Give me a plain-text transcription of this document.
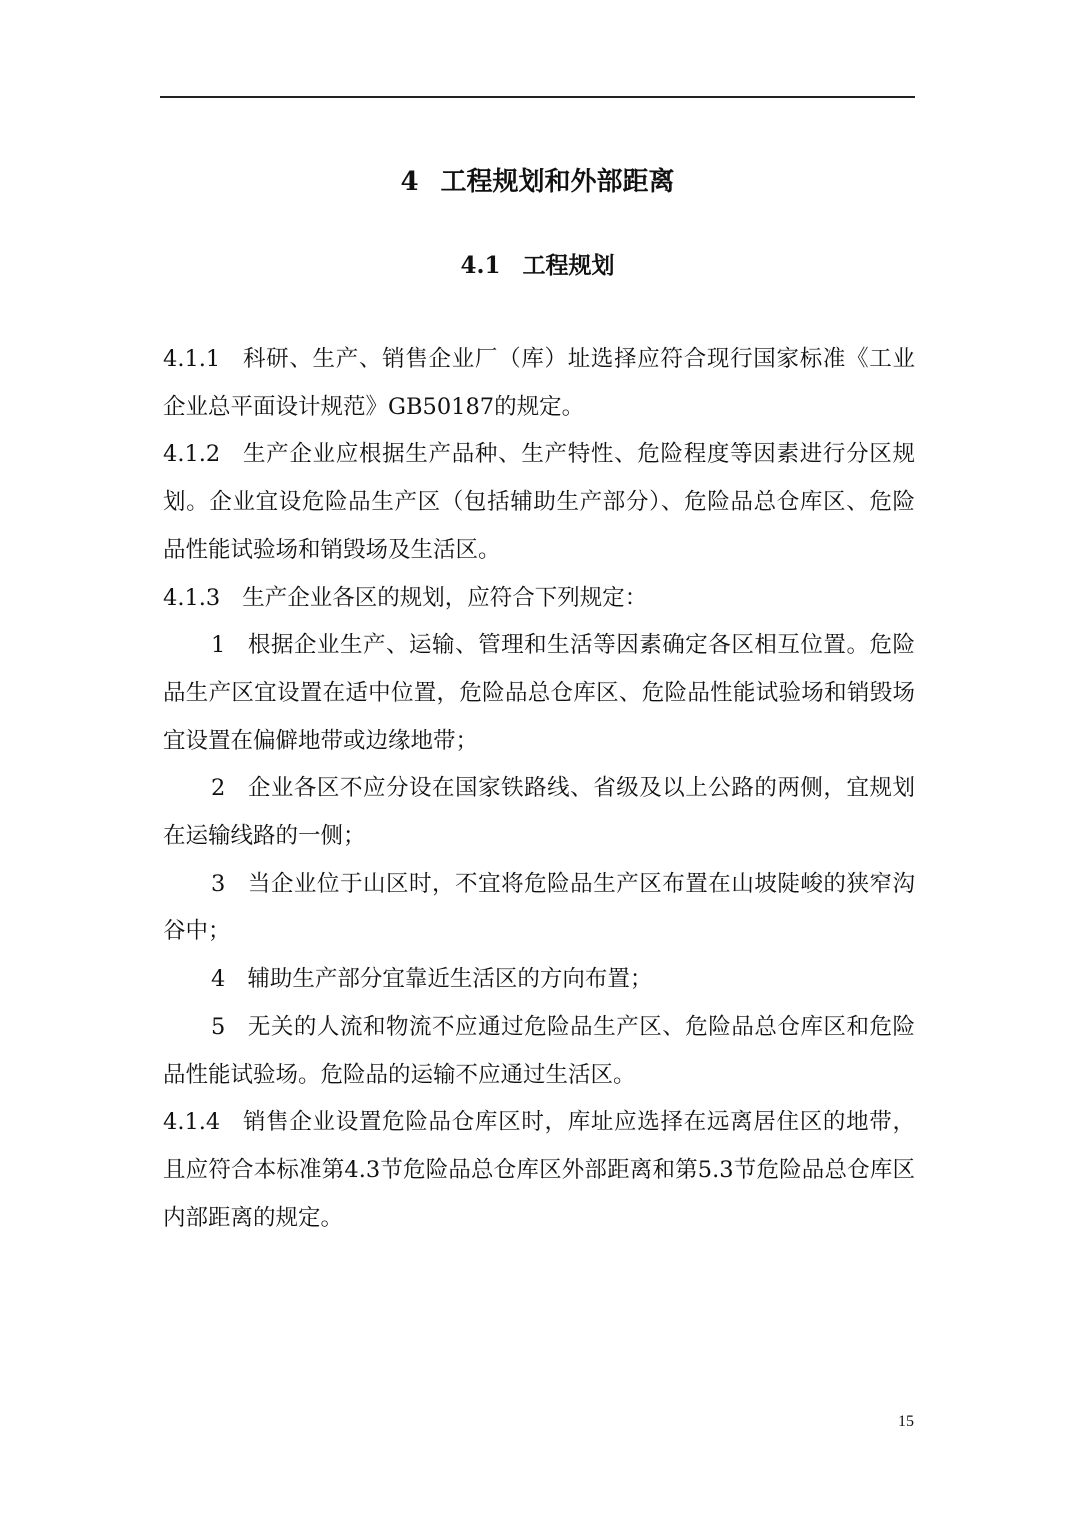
4 工程规划和外部距离
4.1 工程规划

4.1.1 科研、生产、销售企业厂（库）址选择应符合现行国家标准《工业企业总平面设计规范》GB50187的规定。

4.1.2 生产企业应根据生产品种、生产特性、危险程度等因素进行分区规划。企业宜设危险品生产区（包括辅助生产部分）、危险品总仓库区、危险品性能试验场和销毁场及生活区。

4.1.3 生产企业各区的规划，应符合下列规定：

1 根据企业生产、运输、管理和生活等因素确定各区相互位置。危险品生产区宜设置在适中位置，危险品总仓库区、危险品性能试验场和销毁场宜设置在偏僻地带或边缘地带；

2 企业各区不应分设在国家铁路线、省级及以上公路的两侧，宜规划在运输线路的一侧；

3 当企业位于山区时，不宜将危险品生产区布置在山坡陡峻的狭窄沟谷中；

4 辅助生产部分宜靠近生活区的方向布置；

5 无关的人流和物流不应通过危险品生产区、危险品总仓库区和危险品性能试验场。危险品的运输不应通过生活区。

4.1.4 销售企业设置危险品仓库区时，库址应选择在远离居住区的地带，且应符合本标准第4.3节危险品总仓库区外部距离和第5.3节危险品总仓库区内部距离的规定。

15
